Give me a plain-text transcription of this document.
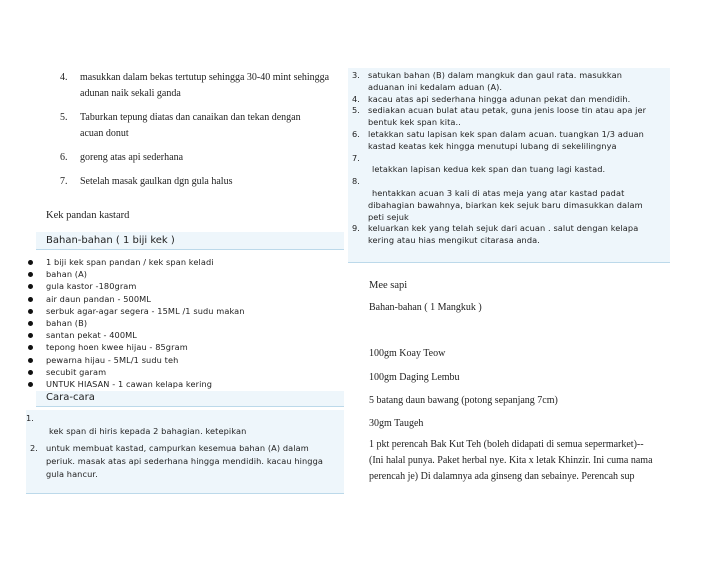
4. masukkan dalam bekas tertutup sehingga 30-40 mint sehingga
adunan naik sekali ganda
5. Taburkan tepung diatas dan canaikan dan tekan dengan
acuan donut
6. goreng atas api sederhana
7. Setelah masak gaulkan dgn gula halus
Kek pandan kastard
Bahan-bahan ( 1 biji kek )
1 biji kek span pandan / kek span keladi
bahan (A)
gula kastor -180gram
air daun pandan - 500ML
serbuk agar-agar segera - 15ML /1 sudu makan
bahan (B)
santan pekat - 400ML
tepong hoen kwee hijau - 85gram
pewarna hijau - 5ML/1 sudu teh
secubit garam
UNTUK HIASAN - 1 cawan kelapa kering
Cara-cara
1.
kek span di hiris kepada 2 bahagian. ketepikan
2. untuk membuat kastad, campurkan kesemua bahan (A) dalam
periuk. masak atas api sederhana hingga mendidih. kacau hingga
gula hancur.
3. satukan bahan (B) dalam mangkuk dan gaul rata. masukkan
aduanan ini kedalam aduan (A).
4. kacau atas api sederhana hingga adunan pekat dan mendidih.
5. sediakan acuan bulat atau petak, guna jenis loose tin atau apa jer
bentuk kek span kita..
6. letakkan satu lapisan kek span dalam acuan. tuangkan 1/3 aduan
kastad keatas kek hingga menutupi lubang di sekelilingnya
7.
letakkan lapisan kedua kek span dan tuang lagi kastad.
8.
hentakkan acuan 3 kali di atas meja yang atar kastad padat
dibahagian bawahnya, biarkan kek sejuk baru dimasukkan dalam
peti sejuk
9. keluarkan kek yang telah sejuk dari acuan . salut dengan kelapa
kering atau hias mengikut citarasa anda.
Mee sapi
Bahan-bahan ( 1 Mangkuk )
100gm Koay Teow
100gm Daging Lembu
5 batang daun bawang (potong sepanjang 7cm)
30gm Taugeh
1 pkt perencah Bak Kut Teh (boleh didapati di semua sepermarket)--
(Ini halal punya. Paket herbal nye. Kita x letak Khinzir. Ini cuma nama
perencah je) Di dalamnya ada ginseng dan sebainye. Perencah sup
